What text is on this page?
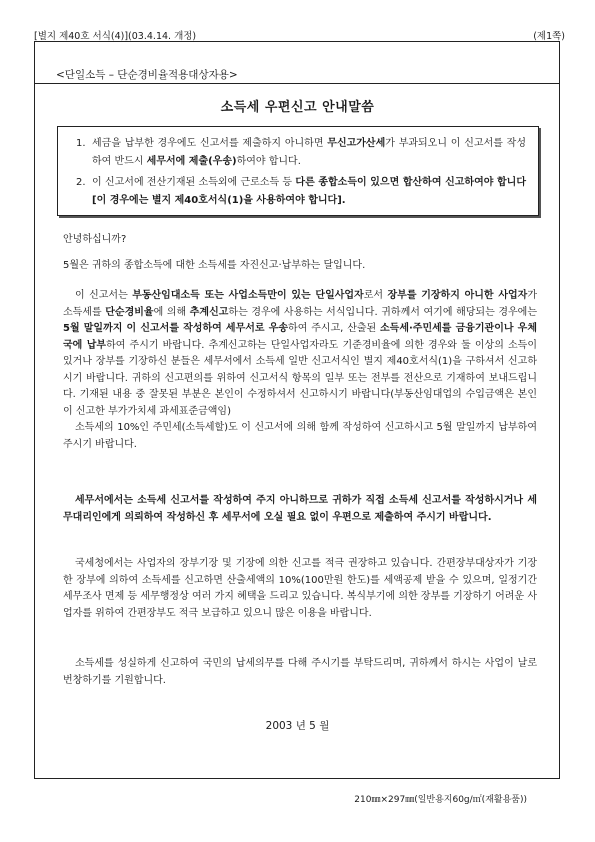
[별지 제40호 서식(4)](03.4.14. 개정)	(제1쪽)
<단일소득 – 단순경비율적용대상자용>
소득세 우편신고 안내말씀
1. 세금을 납부한 경우에도 신고서를 제출하지 아니하면 무신고가산세가 부과되오니 이 신고서를 작성하여 반드시 세무서에 제출(우송)하여야 합니다.
2. 이 신고서에 전산기재된 소득외에 근로소득 등 다른 종합소득이 있으면 합산하여 신고하여야 합니다[이 경우에는 별지 제40호서식(1)을 사용하여야 합니다].
안녕하십니까?
5월은 귀하의 종합소득에 대한 소득세를 자진신고·납부하는 달입니다.
이 신고서는 부동산임대소득 또는 사업소득만이 있는 단일사업자로서 장부를 기장하지 아니한 사업자가 소득세를 단순경비율에 의해 추계신고하는 경우에 사용하는 서식입니다. 귀하께서 여기에 해당되는 경우에는 5월 말일까지 이 신고서를 작성하여 세무서로 우송하여 주시고, 산출된 소득세·주민세를 금융기관이나 우체국에 납부하여 주시기 바랍니다. 추계신고하는 단일사업자라도 기준경비율에 의한 경우와 둘 이상의 소득이 있거나 장부를 기장하신 분들은 세무서에서 소득세 일반 신고서식인 별지 제40호서식(1)을 구하셔서 신고하시기 바랍니다. 귀하의 신고편의를 위하여 신고서식 항목의 일부 또는 전부를 전산으로 기재하여 보내드립니다. 기재된 내용 중 잘못된 부분은 본인이 수정하셔서 신고하시기 바랍니다(부동산임대업의 수입금액은 본인이 신고한 부가가치세 과세표준금액임)
소득세의 10%인 주민세(소득세할)도 이 신고서에 의해 함께 작성하여 신고하시고 5월 말일까지 납부하여 주시기 바랍니다.
세무서에서는 소득세 신고서를 작성하여 주지 아니하므로 귀하가 직접 소득세 신고서를 작성하시거나 세무대리인에게 의뢰하여 작성하신 후 세무서에 오실 필요 없이 우편으로 제출하여 주시기 바랍니다.
국세청에서는 사업자의 장부기장 및 기장에 의한 신고를 적극 권장하고 있습니다. 간편장부대상자가 기장한 장부에 의하여 소득세를 신고하면 산출세액의 10%(100만원 한도)를 세액공제 받을 수 있으며, 일정기간 세무조사 면제 등 세무행정상 여러 가지 혜택을 드리고 있습니다. 복식부기에 의한 장부를 기장하기 어려운 사업자를 위하여 간편장부도 적극 보급하고 있으니 많은 이용을 바랍니다.
소득세를 성실하게 신고하여 국민의 납세의무를 다해 주시기를 부탁드리며, 귀하께서 하시는 사업이 날로 번창하기를 기원합니다.
2003 년 5 월
210㎜×297㎜(일반용지60g/㎡(재활용품))
